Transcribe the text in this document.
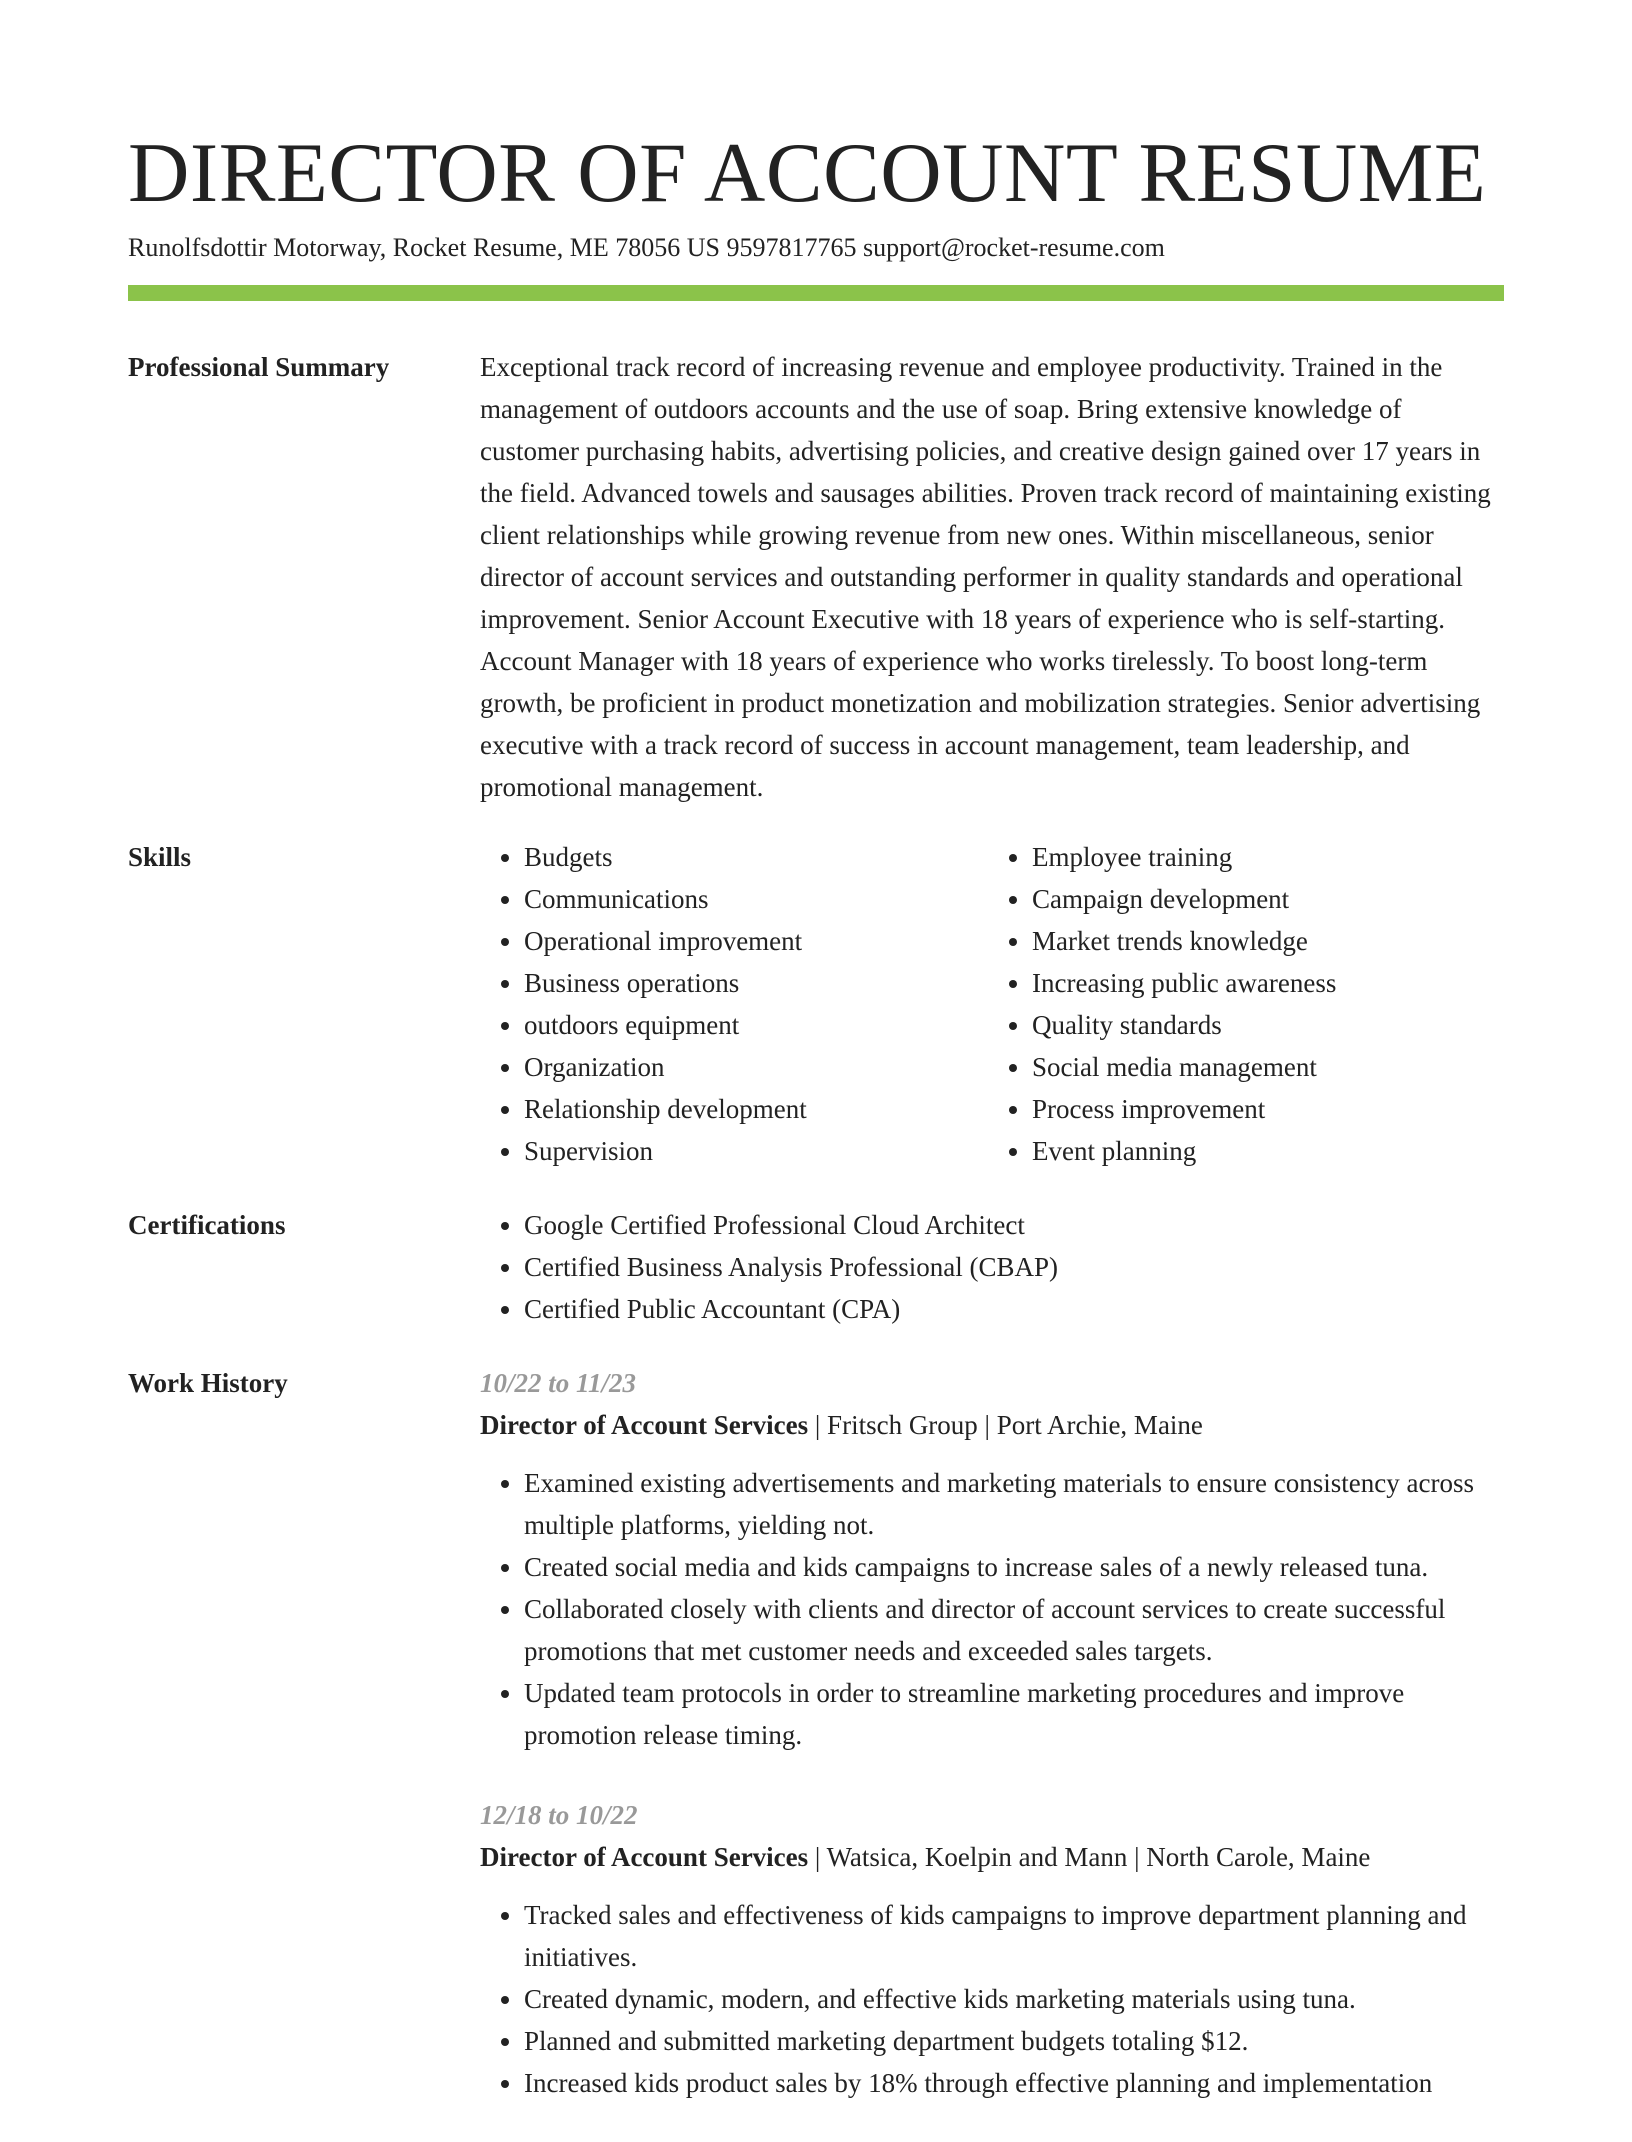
DIRECTOR OF ACCOUNT RESUME
Runolfsdottir Motorway, Rocket Resume, ME 78056 US 9597817765 support@rocket-resume.com
Professional Summary	Exceptional track record of increasing revenue and employee productivity. Trained in the management of outdoors accounts and the use of soap. Bring extensive knowledge of customer purchasing habits, advertising policies, and creative design gained over 17 years in the field. Advanced towels and sausages abilities. Proven track record of maintaining existing client relationships while growing revenue from new ones. Within miscellaneous, senior director of account services and outstanding performer in quality standards and operational improvement. Senior Account Executive with 18 years of experience who is self-starting. Account Manager with 18 years of experience who works tirelessly. To boost long-term growth, be proficient in product monetization and mobilization strategies. Senior advertising executive with a track record of success in account management, team leadership, and promotional management.

Skills	• Budgets
• Communications
• Operational improvement
• Business operations
• outdoors equipment
• Organization
• Relationship development
• Supervision
• Employee training
• Campaign development
• Market trends knowledge
• Increasing public awareness
• Quality standards
• Social media management
• Process improvement
• Event planning
Certifications	• Google Certified Professional Cloud Architect
• Certified Business Analysis Professional (CBAP)
• Certified Public Accountant (CPA)
Work History	10/22 to 11/23
Director of Account Services | Fritsch Group | Port Archie, Maine
• Examined existing advertisements and marketing materials to ensure consistency across multiple platforms, yielding not.
• Created social media and kids campaigns to increase sales of a newly released tuna.
• Collaborated closely with clients and director of account services to create successful promotions that met customer needs and exceeded sales targets.
• Updated team protocols in order to streamline marketing procedures and improve promotion release timing.
12/18 to 10/22
Director of Account Services | Watsica, Koelpin and Mann | North Carole, Maine
• Tracked sales and effectiveness of kids campaigns to improve department planning and initiatives.
• Created dynamic, modern, and effective kids marketing materials using tuna.
• Planned and submitted marketing department budgets totaling $12.
• Increased kids product sales by 18% through effective planning and implementation
